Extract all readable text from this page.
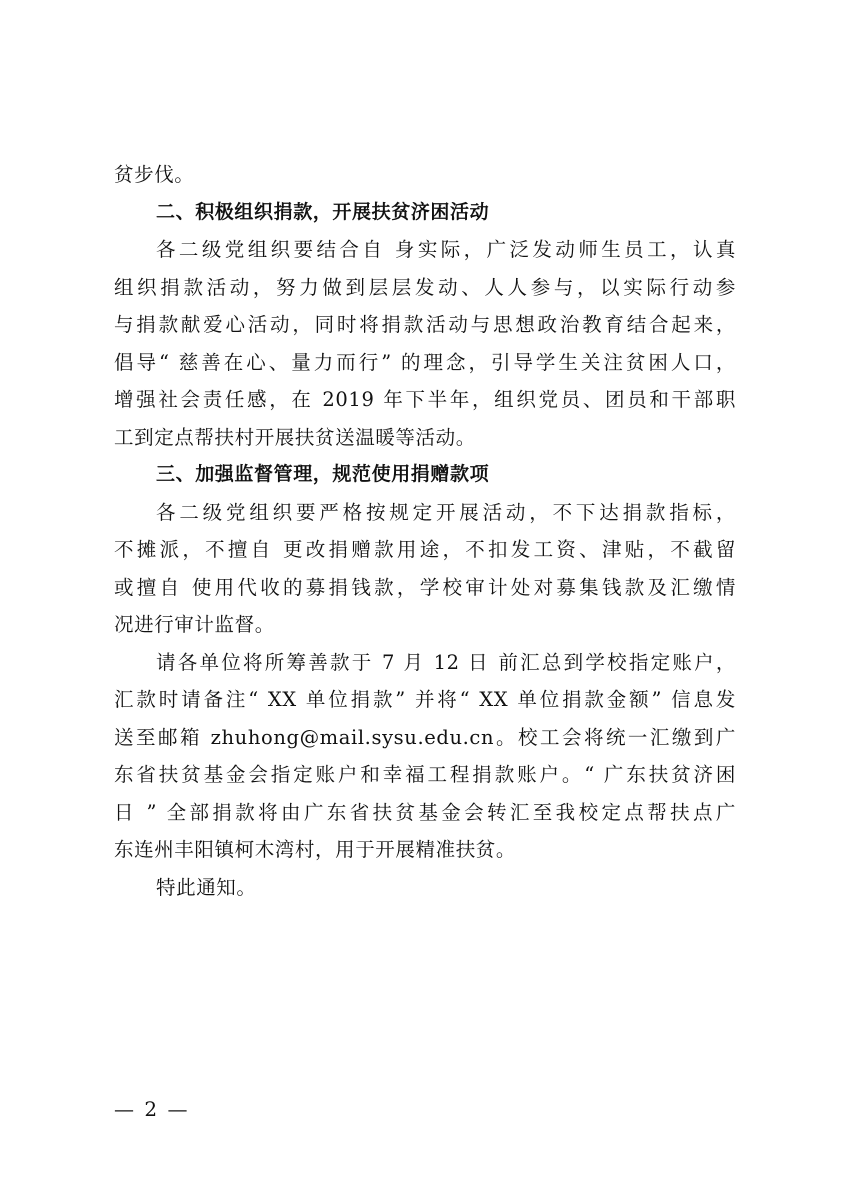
贫步伐。
二、积极组织捐款，开展扶贫济困活动
各二级党组织要结合自 身实际，广泛发动师生员工，认真
组织捐款活动，努力做到层层发动、人人参与，以实际行动参
与捐款献爱心活动，同时将捐款活动与思想政治教育结合起来，
倡导“ 慈善在心、量力而行” 的理念，引导学生关注贫困人口，
增强社会责任感，在 2019 年下半年，组织党员、团员和干部职
工到定点帮扶村开展扶贫送温暖等活动。
三、加强监督管理，规范使用捐赠款项
各二级党组织要严格按规定开展活动，不下达捐款指标，
不摊派，不擅自 更改捐赠款用途，不扣发工资、津贴，不截留
或擅自 使用代收的募捐钱款，学校审计处对募集钱款及汇缴情
况进行审计监督。
请各单位将所筹善款于 7 月 12 日 前汇总到学校指定账户，
汇款时请备注“ XX 单位捐款” 并将“ XX 单位捐款金额” 信息发
送至邮箱 zhuhong@mail.sysu.edu.cn。校工会将统一汇缴到广
东省扶贫基金会指定账户和幸福工程捐款账户。“ 广东扶贫济困
日 ” 全部捐款将由广东省扶贫基金会转汇至我校定点帮扶点广
东连州丰阳镇柯木湾村，用于开展精准扶贫。
特此通知。
— 2 —
